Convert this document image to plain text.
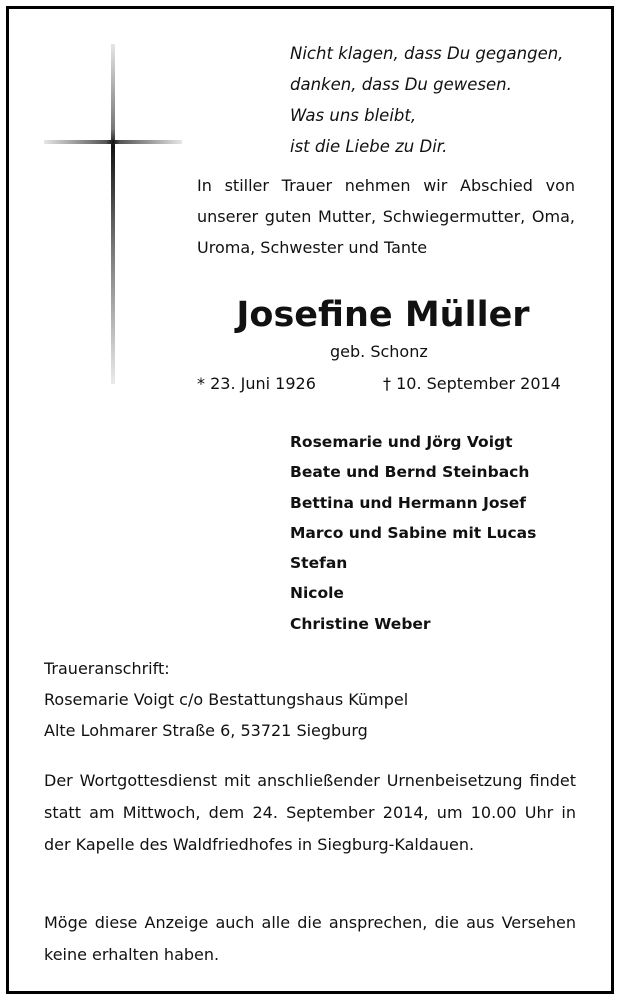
Nicht klagen, dass Du gegangen,
danken, dass Du gewesen.
Was uns bleibt,
ist die Liebe zu Dir.
In stiller Trauer nehmen wir Abschied von unserer guten Mutter, Schwiegermutter, Oma, Uroma, Schwester und Tante
Josefine Müller
geb. Schonz
* 23. Juni 1926	† 10. September 2014
Rosemarie und Jörg Voigt
Beate und Bernd Steinbach
Bettina und Hermann Josef
Marco und Sabine mit Lucas
Stefan
Nicole
Christine Weber
Traueranschrift:
Rosemarie Voigt c/o Bestattungshaus Kümpel
Alte Lohmarer Straße 6, 53721 Siegburg
Der Wortgottesdienst mit anschließender Urnenbeisetzung findet statt am Mittwoch, dem 24. September 2014, um 10.00 Uhr in der Kapelle des Waldfriedhofes in Siegburg-Kaldauen.
Möge diese Anzeige auch alle die ansprechen, die aus Versehen keine erhalten haben.
